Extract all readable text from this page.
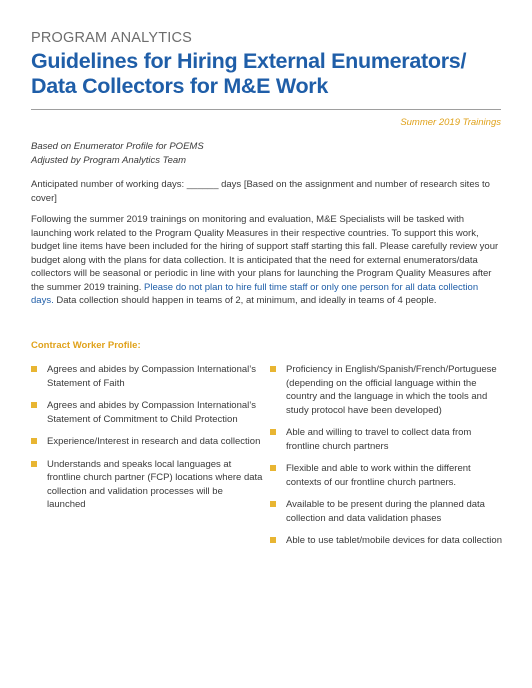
PROGRAM ANALYTICS
Guidelines for Hiring External Enumerators/
Data Collectors for M&E Work
Summer 2019 Trainings
Based on Enumerator Profile for POEMS
Adjusted by Program Analytics Team
Anticipated number of working days: ______ days [Based on the assignment and number of research sites to cover]
Following the summer 2019 trainings on monitoring and evaluation, M&E Specialists will be tasked with launching work related to the Program Quality Measures in their respective countries. To support this work, budget line items have been included for the hiring of support staff starting this fall. Please carefully review your budget along with the plans for data collection. It is anticipated that the need for external enumerators/data collectors will be seasonal or periodic in line with your plans for launching the Program Quality Measures after the summer 2019 training. Please do not plan to hire full time staff or only one person for all data collection days. Data collection should happen in teams of 2, at minimum, and ideally in teams of 4 people.
Contract Worker Profile:
Agrees and abides by Compassion International’s Statement of Faith
Agrees and abides by Compassion International’s Statement of Commitment to Child Protection
Experience/Interest in research and data collection
Understands and speaks local languages at frontline church partner (FCP) locations where data collection and validation processes will be launched
Proficiency in English/Spanish/French/Portuguese (depending on the official language within the country and the language in which the tools and study protocol have been developed)
Able and willing to travel to collect data from frontline church partners
Flexible and able to work within the different contexts of our frontline church partners.
Available to be present during the planned data collection and data validation phases
Able to use tablet/mobile devices for data collection
